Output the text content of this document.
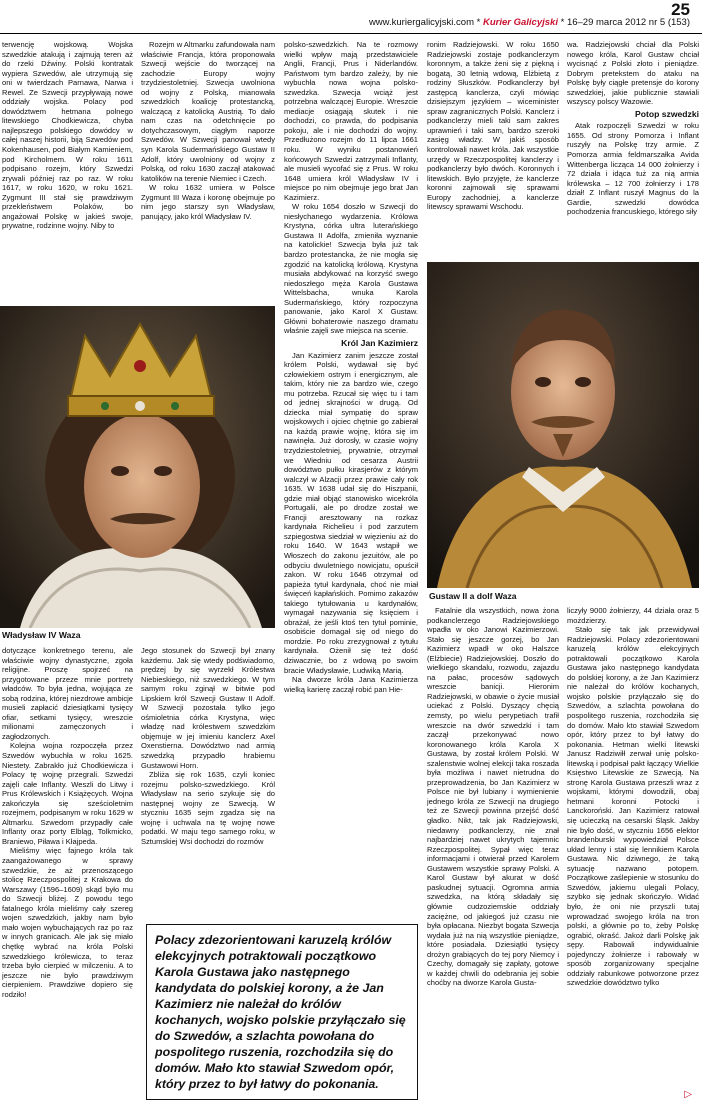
25
www.kuriergalicyjski.com * Kurier Galicyjski * 16–29 marca 2012 nr 5 (153)

terwencję wojskową. Wojska szwedzkie atakują i zajmują teren aż do rzeki Dźwiny. Polski kontratak wypiera Szwedów, ale utrzymują się oni w twierdzach Parnawa, Narwa i Rewel. Ze Szwecji przypływają nowe oddziały wojska. Polacy pod dowództwem hetmana polnego litewskiego Chodkiewicza, chyba najlepszego polskiego dowódcy w całej naszej historii, biją Szwedów pod Kokenhausen, pod Białym Kamieniem, pod Kircholmem. W roku 1611 podpisano rozejm, który Szwedzi zrywali później raz po raz. W roku 1617, w roku 1620, w roku 1621. Zygmunt III stał się prawdziwym przekleństwem Polaków, bo angażował Polskę w jakieś swoje, prywatne, rodzinne wojny. Niby to

Rozejm w Altmarku zafundowała nam właściwie Francja, która proponowała Szwecji wejście do tworzącej na zachodzie Europy wojny trzydziestoletniej. Szwecja uwolniona od wojny z Polską, mianowała szwedzkich koalicję protestancką, walczącą z katolicką Austrią. To dało nam czas na odetchnięcie po dotychczasowym, ciągłym naporze Szwedów. W Szwecji panował wtedy syn Karola Sudermańskiego Gustaw II Adolf, który uwolniony od wojny z Polską, od roku 1630 zaczął atakować katolików na terenie Niemiec i Czech.

W roku 1632 umiera w Polsce Zygmunt III Waza i koronę obejmuje po nim jego starszy syn Władysław, panujący, jako król Władysław IV.

polsko-szwedzkich. Na te rozmowy wielki wpływ mają przedstawiciele Anglii, Francji, Prus i Niderlandów. Państwom tym bardzo zależy, by nie wybuchła nowa wojna polsko-szwedzka. Szwecja wciąż jest potrzebna walczącej Europie. Wreszcie mediacje osiągają skutek i nie dochodzi, co prawda, do podpisania pokoju, ale i nie dochodzi do wojny. Przedłużono rozejm do 11 lipca 1661 roku. W wyniku postanowień końcowych Szwedzi zatrzymali Inflanty, ale musieli wycofać się z Prus. W roku 1648 umiera król Władysław IV i miejsce po nim obejmuje jego brat Jan Kazimierz.

W roku 1654 doszło w Szwecji do niesłychanego wydarzenia. Królowa Krystyna, córka ultra luterańskiego Gustawa II Adolfa, zmieniła wyznanie na katolickie! Szwecja była już tak bardzo protestancka, że nie mogła się zgodzić na katolicką królową. Krystyna musiała abdykować na korzyść swego niedoszłego męża Karola Gustawa Wittelsbacha, wnuka Karola Sudermańskiego, który rozpoczyna panowanie, jako Karol X Gustaw. Główni bohaterowie naszego dramatu właśnie zajęli swe miejsca na scenie.

Król Jan Kazimierz

Jan Kazimierz zanim jeszcze został królem Polski, wydawał się być człowiekiem ostrym i energicznym, ale takim, który nie za bardzo wie, czego mu potrzeba. Rzucał się więc tu i tam od jednej skrajności w drugą. Od dziecka miał sympatię do spraw wojskowych i ojciec chętnie go zabierał na każdą prawie wojnę, która się im nawinęła. Już dorosły, w czasie wojny trzydziestoletniej, prywatnie, otrzymał we Wiedniu od cesarza Austrii dowództwo pułku kirasjerów z którym walczył w Alzacji przez prawie cały rok 1635. W 1638 udał się do Hiszpanii, gdzie miał objąć stanowisko wicekróla Portugalii, ale po drodze został we Francji aresztowany na rozkaz kardynała Richelieu i pod zarzutem szpiegostwa siedział w więzieniu aż do roku 1640. W 1643 wstąpił we Włoszech do zakonu jezuitów, ale po odbyciu dwuletniego nowicjatu, opuścił zakon. W roku 1646 otrzymał od papieża tytuł kardynała, choć nie miał święceń kapłańskich. Pomimo zakazów takiego tytułowania u kardynałów, wymagał nazywania się księciem i obrażał, że jeśli ktoś ten tytuł pominie, osobiście domagał się od niego do mordzie. Po roku zrezygnował z tytułu kardynała. Ożenił się też dość dziwacznie, bo z wdową po swoim bracie Władysławie, Ludwiką Marią.

Na dworze króla Jana Kazimierza wielką karierę zaczął robić pan Hie-

ronim Radziejowski. W roku 1650 Radziejowski zostaje podkanclerzym koronnym, a także żeni się z piękną i bogatą, 30 letnią wdową, Elżbietą z rodziny Słuszków. Podkanclerzy był zastępcą kanclerza, czyli mówiąc dzisiejszym językiem – wiceminister spraw zagranicznych Polski. Kanclerz i podkanclerzy mieli taki sam zakres uprawnień i taki sam, bardzo szeroki zasięg władzy. W jakiś sposób kontrolowali nawet króla. Jak wszystkie urzędy w Rzeczpospolitej kanclerzy i podkanclerzy było dwóch. Koronnych i litewskich. Było przyjęte, że kanclerze koronni zajmowali się sprawami Europy zachodniej, a kanclerze litewscy sprawami Wschodu.

wa. Radziejowski chciał dla Polski nowego króla, Karol Gustaw chciał wycisnąć z Polski złoto i pieniądze. Dobrym pretekstem do ataku na Polskę były ciągłe pretensje do korony szwedzkiej, jakie publicznie stawiali wszyscy polscy Wazowie.

Potop szwedzki

Atak rozpoczęli Szwedzi w roku 1655. Od strony Pomorza i Inflant ruszyły na Polskę trzy armie. Z Pomorza armia feldmarszałka Avida Wittenberga licząca 14 000 żołnierzy i 72 działa i idąca tuż za nią armia królewska – 12 700 żołnierzy i 178 dział! Z Inflant ruszył Magnus do la Gardie, szwedzki dowódca pochodzenia francuskiego, którego siły

Władysław IV Waza
Gustaw II a dolf Waza

dotyczące konkretnego terenu, ale właściwie wojny dynastyczne, zgoła religijne. Proszę spojrzeć na przygotowane przeze mnie portrety władców. To była jedna, wojująca ze sobą rodzina, której niezdrowe ambicje musieli zapłacić dziesiątkami tysięcy ofiar, setkami tysięcy, wreszcie milionami zamęczonych i zagłodzonych.

Kolejna wojna rozpoczęła przez Szwedów wybuchła w roku 1625. Niestety. Zabrakło już Chodkiewicza i Polacy tę wojnę przegrali. Szwedzi zajęli całe Inflanty. Weszli do Litwy i Prus Królewskich i Książęcych. Wojna zakończyła się sześcioletnim rozejmem, podpisanym w roku 1629 w Altmarku. Szwedom przypadły całe Inflanty oraz porty Elbląg, Tolkmicko, Braniewo, Piława i Kłajpeda.

Mieliśmy więc fajnego króla tak zaangażowanego w sprawy szwedzkie, że aż przenoszącego stolicę Rzeczpospolitej z Krakowa do Warszawy (1596–1609) skąd było mu do Szwecji bliżej. Z powodu tego fatalnego króla mieliśmy cały szereg wojen szwedzkich, jakby nam było mało wojen wybuchających raz po raz w innych granicach. Ale jak się miało chętkę wybrać na króla Polski szwedzkiego królewicza, to teraz trzeba było cierpieć w milczeniu. A to jeszcze nie było prawdziwym cierpieniem. Prawdziwe dopiero się rodziło!

Jego stosunek do Szwecji był znany każdemu. Jak się wtedy podświadomo, prędzej by się wyrzekł Królestwa Niebieskiego, niż szwedzkiego. W tym samym roku zginął w bitwie pod Lipskiem król Szwecji Gustaw II Adolf. W Szwecji pozostała tylko jego ośmioletnia córka Krystyna, więc władzę nad królestwem szwedzkim objęmuje w jej imieniu kanclerz Axel Oxenstierna. Dowództwo nad armią szwedzką przypadło hrabiemu Gustawowi Horn.

Zbliża się rok 1635, czyli koniec rozejmu polsko-szwedzkiego. Król Władysław na serio szykuje się do następnej wojny ze Szwecją. W styczniu 1635 sejm zgadza się na wojnę i uchwala na tę wojnę nowe podatki. W maju tego samego roku, w Sztumskiej Wsi dochodzi do rozmów

Fatalnie dla wszystkich, nowa żona podkanclerzego Radziejowskiego wpadła w oko Janowi Kazimierzowi. Stało się jeszcze gorzej, bo Jan Kazimierz wpadł w oko Halszce (Elżbiecie) Radziejowskiej. Doszło do wielkiego skandalu, rozwodu, zajazdu na pałac, procesów sądowych wreszcie banicji. Hieronim Radziejowski, w obawie o życie musiał uciekać z Polski. Dyszący chęcią zemsty, po wielu perypetiach trafił wreszcie na dwór szwedzki i tam zaczął przekonywać nowo koronowanego króla Karola X Gustawa, by został królem Polski. W szalenstwie wolnej elekcji taka roszada była możliwa i nawet nietrudna do przeprowadzenia, bo Jan Kazimierz w Polsce nie był lubiany i wymienienie jednego króla ze Szwecji na drugiego też ze Szwecji powinna przejść dość gładko. Nikt, tak jak Radziejowski, niedawny podkanclerzy, nie znał najbardziej nawet ukrytych tajemnic Rzeczpospolitej. Sypał więc teraz informacjami i otwierał przed Karolem Gustawem wszystkie sprawy Polski. A Karol Gustaw był akurat w dość paskudnej sytuacji. Ogromna armia szwedzka, na którą składały się głównie cudzoziemskie oddziały zaciężne, od jakiegoś już czasu nie była opłacana. Niezbyt bogata Szwecja wydała już na nią wszystkie pieniądze, które posiadała. Dziesiątki tysięcy drożyn grabiących do tej pory Niemcy i Czechy, domagały się zapłaty, gotowe w każdej chwili do odebrania jej sobie choćby na dworze Karola Gusta-

liczyły 9000 żołnierzy, 44 działa oraz 5 możdzierzy.

Stało się tak jak przewidywał Radziejowski. Polacy zdezorientowani karuzelą królów elekcyjnych potraktowali początkowo Karola Gustawa jako następnego kandydata do polskiej korony, a że Jan Kazimierz nie należał do królów kochanych, wojsko polskie przyłączało się do Szwedów, a szlachta powołana do pospolitego ruszenia, rozchodziła się do domów. Mało kto stawiał Szwedom opór, który przez to był łatwy do pokonania. Hetman wielki litewski Janusz Radziwiłł zerwał unię polsko-litewską i podpisał pakt łączący Wielkie Księstwo Litewskie ze Szwecją. Na stronę Karola Gustawa przeszli wraz z wojskami, którymi dowodzili, obaj hetmani koronni Potocki i Lanckoroński. Jan Kazimierz ratował się ucieczką na cesarski Śląsk. Jakby nie było dość, w styczniu 1656 elektor brandenburski wypowiedział Polsce układ lenny i stał się lennikiem Karola Gustawa. Nic dziwnego, że taką sytuację nazwano potopem. Początkowe zaślepienie w stosunku do Szwedów, jakiemu ulegali Polacy, szybko się jednak skończyło. Widać było, że oni nie przyszli tutaj wprowadzać swojego króla na tron polski, a głównie po to, żeby Polskę ograbić, okraść. Jakoż darli Polskę jak sępy. Rabowali indywidualnie pojedynczy żołnierze i rabowały w sposób zorganizowany specjalne oddziały rabunkowe potworzone przez szwedzkie dowództwo tylko

▷
Polacy zdezorientowani karuzelą królów elekcyjnych potraktowali początkowo Karola Gustawa jako następnego kandydata do polskiej korony, a że Jan Kazimierz nie należał do królów kochanych, wojsko polskie przyłączało się do Szwedów, a szlachta powołana do pospolitego ruszenia, rozchodziła się do domów. Mało kto stawiał Szwedom opór, który przez to był łatwy do pokonania.
